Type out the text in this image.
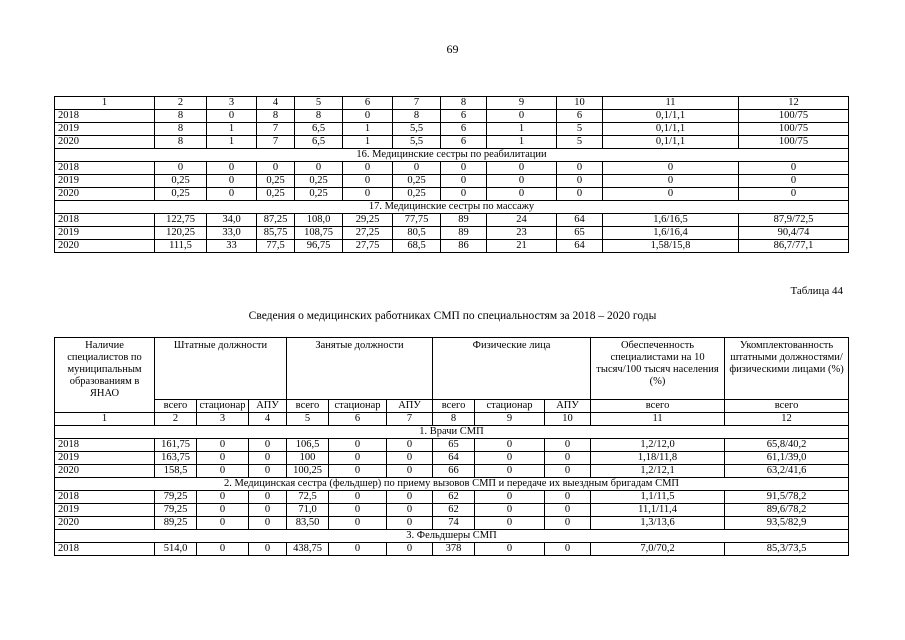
69
1	2	3	4	5	6	7	8	9	10	11	12
2018	8	0	8	8	0	8	6	0	6	0,1/1,1	100/75
2019	8	1	7	6,5	1	5,5	6	1	5	0,1/1,1	100/75
2020	8	1	7	6,5	1	5,5	6	1	5	0,1/1,1	100/75
16. Медицинские сестры по реабилитации											
2018	0	0	0	0	0	0	0	0	0	0	0
2019	0,25	0	0,25	0,25	0	0,25	0	0	0	0	0
2020	0,25	0	0,25	0,25	0	0,25	0	0	0	0	0
17. Медицинские сестры по массажу											
2018	122,75	34,0	87,25	108,0	29,25	77,75	89	24	64	1,6/16,5	87,9/72,5
2019	120,25	33,0	85,75	108,75	27,25	80,5	89	23	65	1,6/16,4	90,4/74
2020	111,5	33	77,5	96,75	27,75	68,5	86	21	64	1,58/15,8	86,7/77,1
Таблица 44
Сведения о медицинских работниках СМП по специальностям за 2018 – 2020 годы
Наличие специалистов по муниципальным образованиям в ЯНАО	Штатные должности			Занятые должности			Физические лица			Обеспеченность специалистами на 10 тысяч/100 тысяч населения (%)	Укомплектованность штатными должностями/ физическими лицами (%)
	всего	стационар	АПУ	всего	стационар	АПУ	всего	стационар	АПУ	всего	всего
1	2	3	4	5	6	7	8	9	10	11	12
1. Врачи СМП											
2018	161,75	0	0	106,5	0	0	65	0	0	1,2/12,0	65,8/40,2
2019	163,75	0	0	100	0	0	64	0	0	1,18/11,8	61,1/39,0
2020	158,5	0	0	100,25	0	0	66	0	0	1,2/12,1	63,2/41,6
2. Медицинская сестра (фельдшер) по приему вызовов СМП и передаче их выездным бригадам СМП											
2018	79,25	0	0	72,5	0	0	62	0	0	1,1/11,5	91,5/78,2
2019	79,25	0	0	71,0	0	0	62	0	0	11,1/11,4	89,6/78,2
2020	89,25	0	0	83,50	0	0	74	0	0	1,3/13,6	93,5/82,9
3. Фельдшеры СМП											
2018	514,0	0	0	438,75	0	0	378	0	0	7,0/70,2	85,3/73,5
